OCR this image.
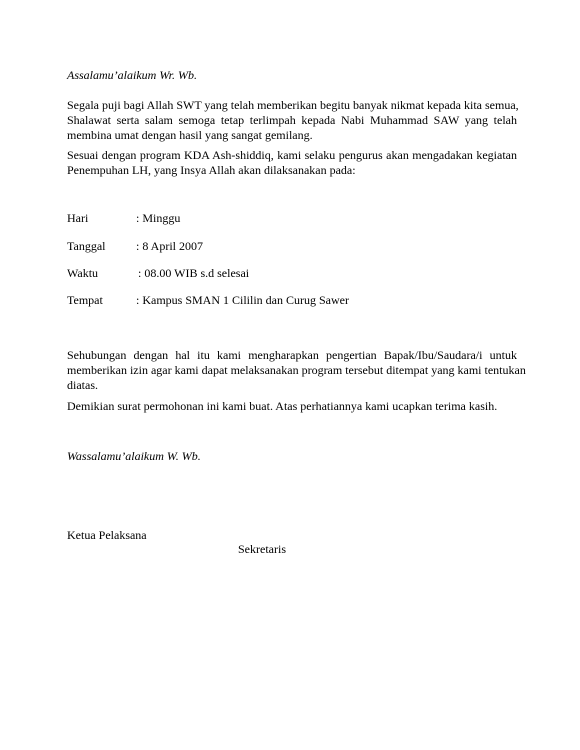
Assalamu’alaikum Wr. Wb.

Segala puji bagi Allah SWT yang telah memberikan begitu banyak nikmat kepada kita semua,
Shalawat serta salam semoga tetap terlimpah kepada Nabi Muhammad SAW yang telah
membina umat dengan hasil yang sangat gemilang.

Sesuai dengan program KDA Ash-shiddiq, kami selaku pengurus akan mengadakan kegiatan
Penempuhan LH, yang Insya Allah akan dilaksanakan pada:

Hari	: Minggu
Tanggal	: 8 April 2007
Waktu	: 08.00 WIB s.d selesai
Tempat	: Kampus SMAN 1 Cililin dan Curug Sawer

Sehubungan dengan hal itu kami mengharapkan pengertian Bapak/Ibu/Saudara/i untuk
memberikan izin agar kami dapat melaksanakan program tersebut ditempat yang kami tentukan
diatas.

Demikian surat permohonan ini kami buat. Atas perhatiannya kami ucapkan terima kasih.

Wassalamu’alaikum W. Wb.

Ketua Pelaksana

Sekretaris
